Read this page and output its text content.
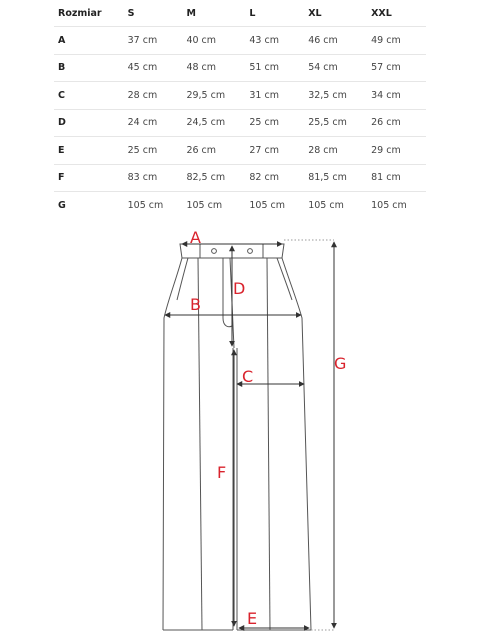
Rozmiar	S	M	L	XL	XXL
A	37 cm	40 cm	43 cm	46 cm	49 cm
B	45 cm	48 cm	51 cm	54 cm	57 cm
C	28 cm	29,5 cm	31 cm	32,5 cm	34 cm
D	24 cm	24,5 cm	25 cm	25,5 cm	26 cm
E	25 cm	26 cm	27 cm	28 cm	29 cm
F	83 cm	82,5 cm	82 cm	81,5 cm	81 cm
G	105 cm	105 cm	105 cm	105 cm	105 cm
A
B
C
D
E
F
G
